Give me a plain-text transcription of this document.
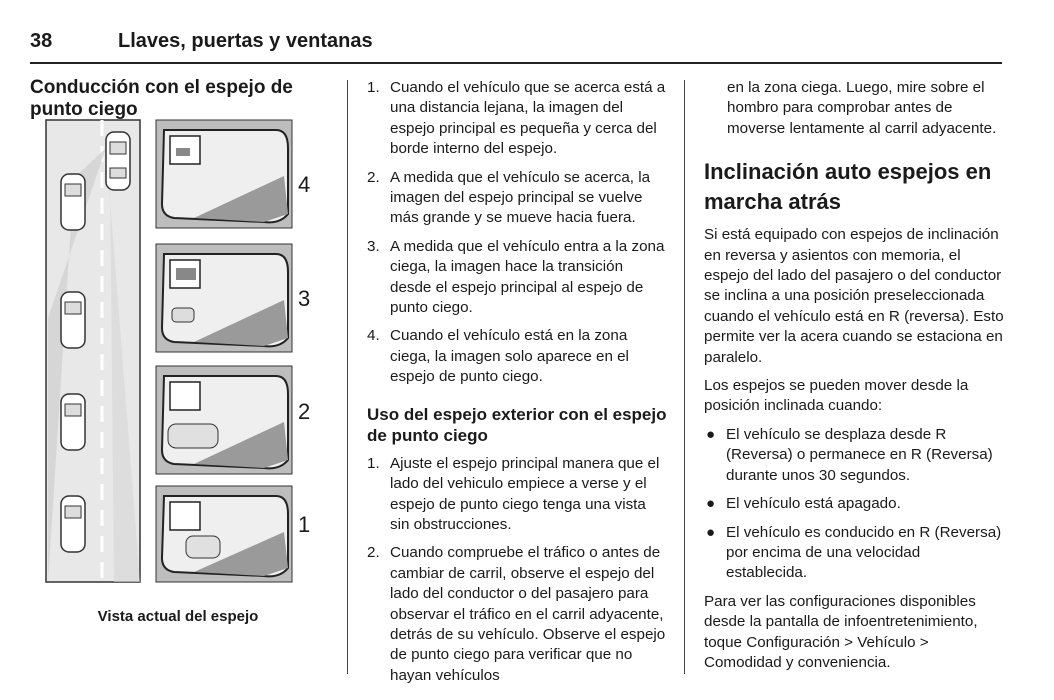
38	Llaves, puertas y ventanas
Conducción con el espejo de punto ciego
4
3
2
1
Vista actual del espejo
1. Cuando el vehículo que se acerca está a una distancia lejana, la imagen del espejo principal es pequeña y cerca del borde interno del espejo.
2. A medida que el vehículo se acerca, la imagen del espejo principal se vuelve más grande y se mueve hacia fuera.
3. A medida que el vehículo entra a la zona ciega, la imagen hace la transición desde el espejo principal al espejo de punto ciego.
4. Cuando el vehículo está en la zona ciega, la imagen solo aparece en el espejo de punto ciego.
Uso del espejo exterior con el espejo de punto ciego
1. Ajuste el espejo principal manera que el lado del vehiculo empiece a verse y el espejo de punto ciego tenga una vista sin obstrucciones.
2. Cuando compruebe el tráfico o antes de cambiar de carril, observe el espejo del lado del conductor o del pasajero para observar el tráfico en el carril adyacente, detrás de su vehículo. Observe el espejo de punto ciego para verificar que no hayan vehículos

en la zona ciega. Luego, mire sobre el hombro para comprobar antes de moverse lentamente al carril adyacente.

Inclinación auto espejos en marcha atrás

Si está equipado con espejos de inclinación en reversa y asientos con memoria, el espejo del lado del pasajero o del conductor se inclina a una posición preseleccionada cuando el vehículo está en R (reversa). Esto permite ver la acera cuando se estaciona en paralelo.

Los espejos se pueden mover desde la posición inclinada cuando:

● El vehículo se desplaza desde R (Reversa) o permanece en R (Reversa) durante unos 30 segundos.
● El vehículo está apagado.
● El vehículo es conducido en R (Reversa) por encima de una velocidad establecida.

Para ver las configuraciones disponibles desde la pantalla de infoentretenimiento, toque Configuración > Vehículo > Comodidad y conveniencia.
